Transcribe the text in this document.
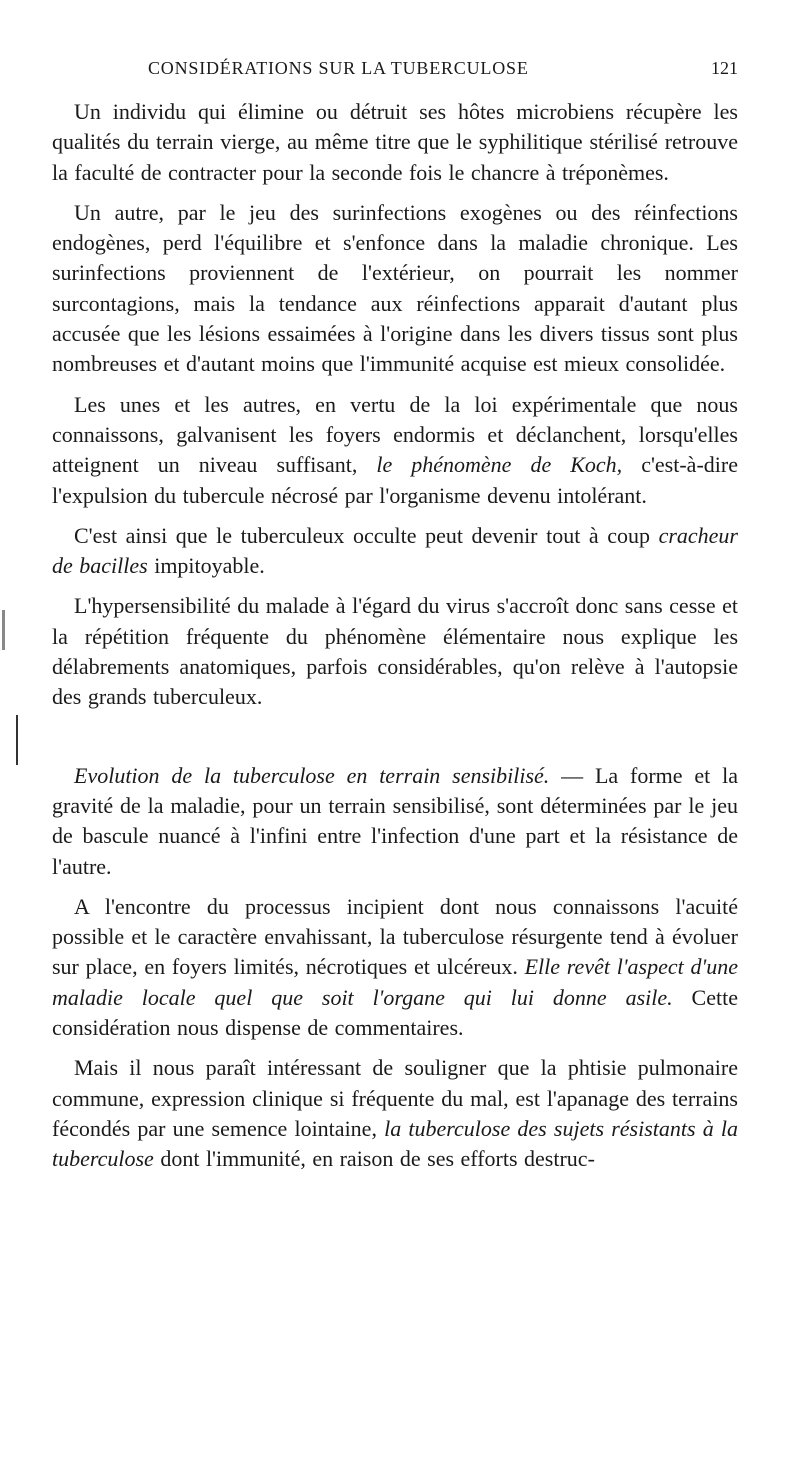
CONSIDÉRATIONS SUR LA TUBERCULOSE	121

Un individu qui élimine ou détruit ses hôtes microbiens récupère les qualités du terrain vierge, au même titre que le syphilitique stérilisé retrouve la faculté de contracter pour la seconde fois le chancre à tréponèmes.

Un autre, par le jeu des surinfections exogènes ou des réinfections endogènes, perd l'équilibre et s'enfonce dans la maladie chronique. Les surinfections proviennent de l'extérieur, on pourrait les nommer surcontagions, mais la tendance aux réinfections apparait d'autant plus accusée que les lésions essaimées à l'origine dans les divers tissus sont plus nombreuses et d'autant moins que l'immunité acquise est mieux consolidée.

Les unes et les autres, en vertu de la loi expérimentale que nous connaissons, galvanisent les foyers endormis et déclanchent, lorsqu'elles atteignent un niveau suffisant, le phénomène de Koch, c'est-à-dire l'expulsion du tubercule nécrosé par l'organisme devenu intolérant.

C'est ainsi que le tuberculeux occulte peut devenir tout à coup cracheur de bacilles impitoyable.

L'hypersensibilité du malade à l'égard du virus s'accroît donc sans cesse et la répétition fréquente du phénomène élémentaire nous explique les délabrements anatomiques, parfois considérables, qu'on relève à l'autopsie des grands tuberculeux.

Evolution de la tuberculose en terrain sensibilisé. — La forme et la gravité de la maladie, pour un terrain sensibilisé, sont déterminées par le jeu de bascule nuancé à l'infini entre l'infection d'une part et la résistance de l'autre.

A l'encontre du processus incipient dont nous connaissons l'acuité possible et le caractère envahissant, la tuberculose résurgente tend à évoluer sur place, en foyers limités, nécrotiques et ulcéreux. Elle revêt l'aspect d'une maladie locale quel que soit l'organe qui lui donne asile. Cette considération nous dispense de commentaires.

Mais il nous paraît intéressant de souligner que la phtisie pulmonaire commune, expression clinique si fréquente du mal, est l'apanage des terrains fécondés par une semence lointaine, la tuberculose des sujets résistants à la tuberculose dont l'immunité, en raison de ses efforts destruc-
